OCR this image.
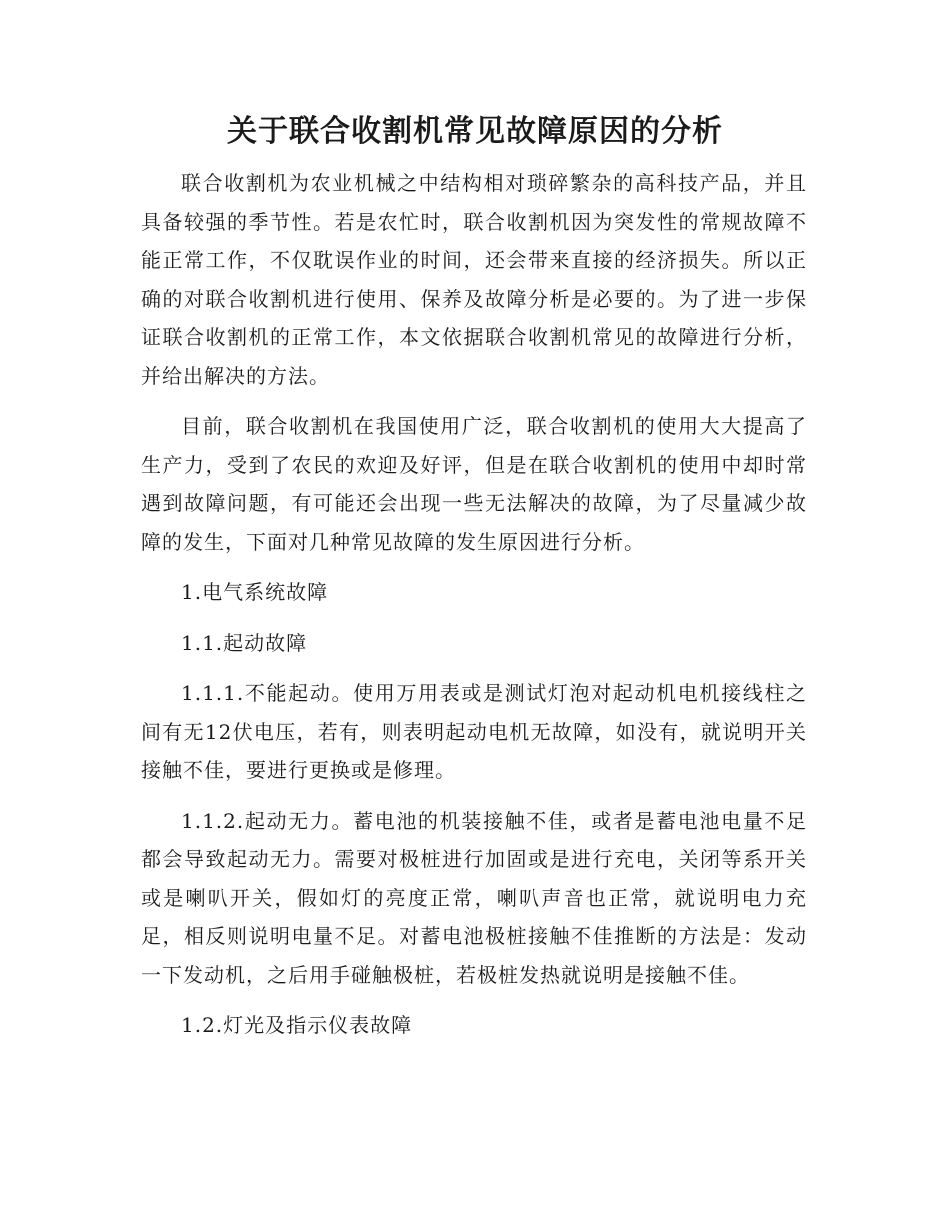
关于联合收割机常见故障原因的分析

联合收割机为农业机械之中结构相对琐碎繁杂的高科技产品，并且具备较强的季节性。若是农忙时，联合收割机因为突发性的常规故障不能正常工作，不仅耽误作业的时间，还会带来直接的经济损失。所以正确的对联合收割机进行使用、保养及故障分析是必要的。为了进一步保证联合收割机的正常工作，本文依据联合收割机常见的故障进行分析，并给出解决的方法。

目前，联合收割机在我国使用广泛，联合收割机的使用大大提高了生产力，受到了农民的欢迎及好评，但是在联合收割机的使用中却时常遇到故障问题，有可能还会出现一些无法解决的故障，为了尽量减少故障的发生，下面对几种常见故障的发生原因进行分析。

1.电气系统故障

1.1.起动故障

1.1.1.不能起动。使用万用表或是测试灯泡对起动机电机接线柱之间有无12伏电压，若有，则表明起动电机无故障，如没有，就说明开关接触不佳，要进行更换或是修理。

1.1.2.起动无力。蓄电池的机装接触不佳，或者是蓄电池电量不足都会导致起动无力。需要对极桩进行加固或是进行充电，关闭等系开关或是喇叭开关，假如灯的亮度正常，喇叭声音也正常，就说明电力充足，相反则说明电量不足。对蓄电池极桩接触不佳推断的方法是：发动一下发动机，之后用手碰触极桩，若极桩发热就说明是接触不佳。

1.2.灯光及指示仪表故障
